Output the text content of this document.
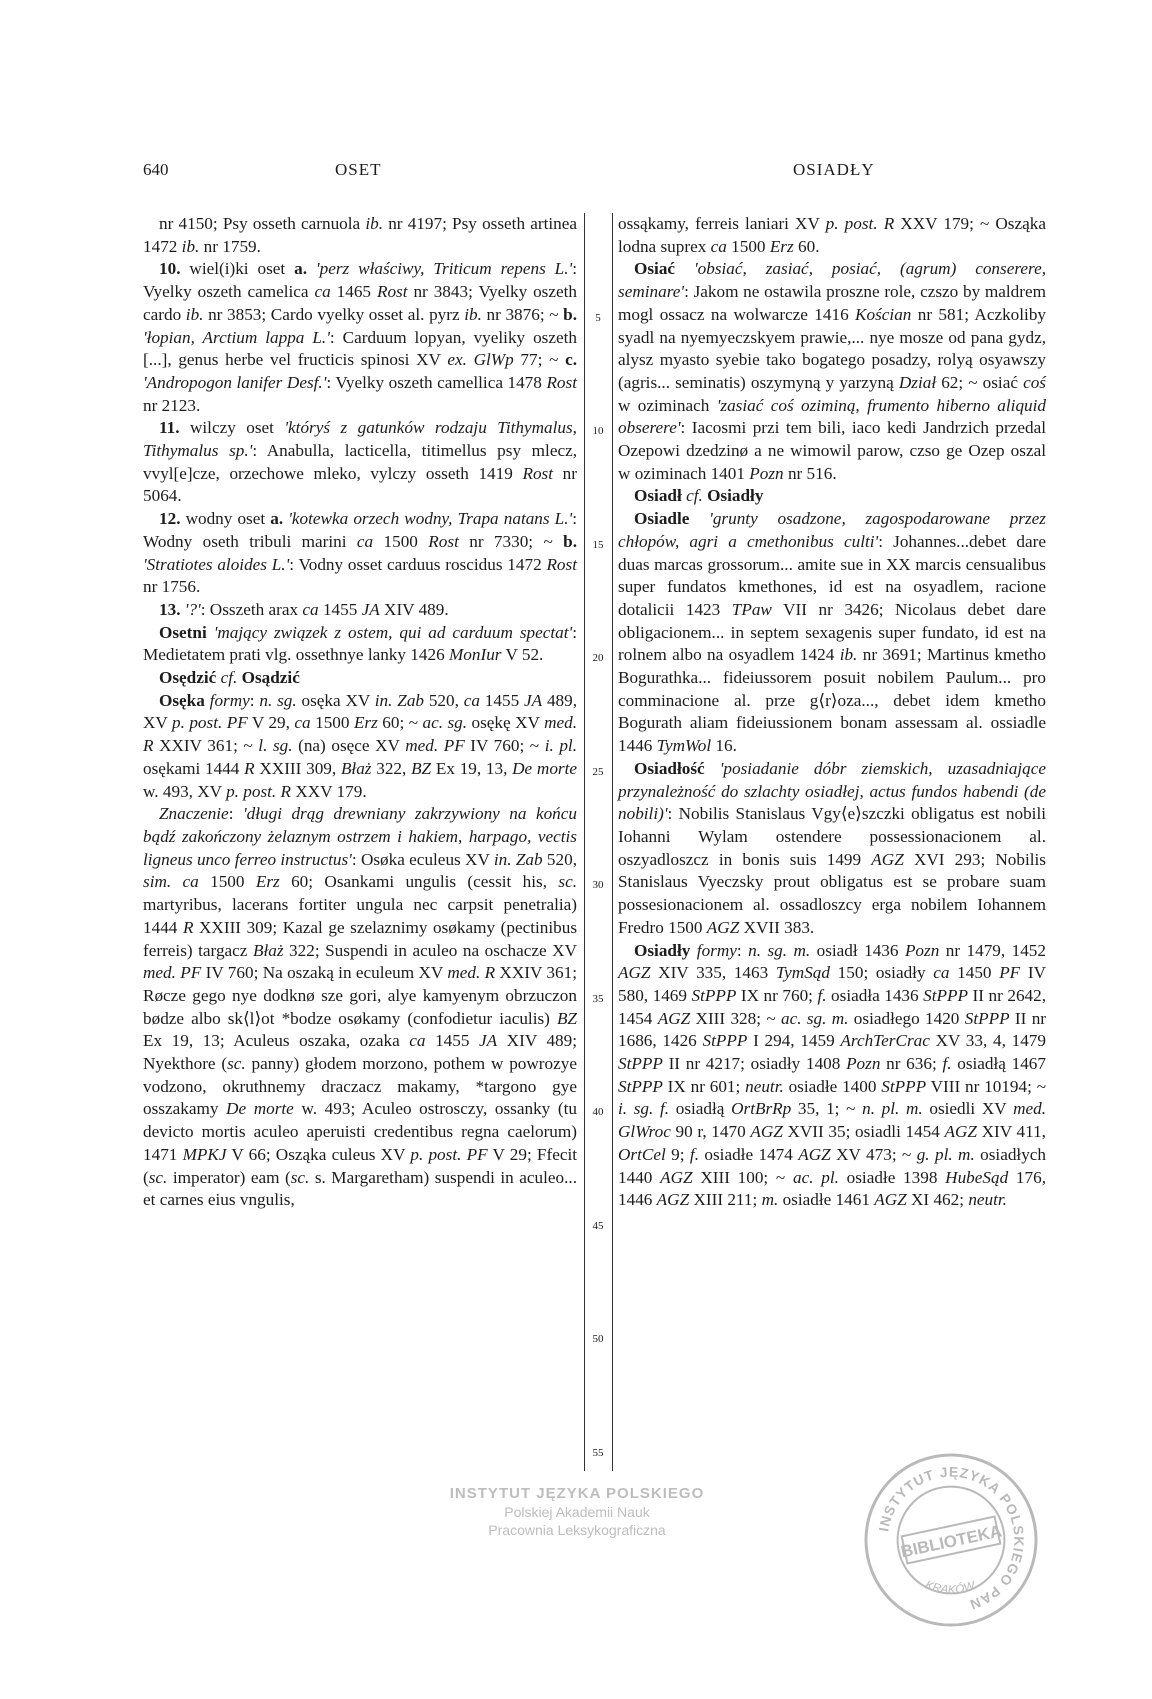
640	OSET	OSIADŁY

nr 4150; Psy osseth carnuola ib. nr 4197; Psy osseth artinea 1472 ib. nr 1759.

10. wiel(i)ki oset a. 'perz właściwy, Triticum repens L.': Vyelky oszeth camelica ca 1465 Rost nr 3843; Vyelky oszeth cardo ib. nr 3853; Cardo vyelky osset al. pyrz ib. nr 3876; ~ b. 'łopian, Arctium lappa L.': Carduum lopyan, vyeliky oszeth [...], genus herbe vel fructicis spinosi XV ex. GlWp 77; ~ c. 'Andropogon lanifer Desf.': Vyelky oszeth camellica 1478 Rost nr 2123.

11. wilczy oset 'któryś z gatunków rodzaju Tithymalus, Tithymalus sp.': Anabulla, lacticella, titimellus psy mlecz, vvyl[e]cze, orzechowe mleko, vylczy osseth 1419 Rost nr 5064.

12. wodny oset a. 'kotewka orzech wodny, Trapa natans L.': Wodny oseth tribuli marini ca 1500 Rost nr 7330; ~ b. 'Stratiotes aloides L.': Vodny osset carduus roscidus 1472 Rost nr 1756.

13. '?': Osszeth arax ca 1455 JA XIV 489.

Osetni 'mający związek z ostem, qui ad carduum spectat': Medietatem prati vlg. ossethnye lanky 1426 MonIur V 52.

Osędzić cf. Osądzić

Osęka formy: n. sg. osęka XV in. Zab 520, ca 1455 JA 489, XV p. post. PF V 29, ca 1500 Erz 60; ~ ac. sg. osękę XV med. R XXIV 361; ~ l. sg. (na) osęce XV med. PF IV 760; ~ i. pl. osękami 1444 R XXIII 309, Błaż 322, BZ Ex 19, 13, De morte w. 493, XV p. post. R XXV 179.

Znaczenie: 'długi drąg drewniany zakrzywiony na końcu bądź zakończony żelaznym ostrzem i hakiem, harpago, vectis ligneus unco ferreo instructus': Osøka eculeus XV in. Zab 520, sim. ca 1500 Erz 60; Osankami ungulis (cessit his, sc. martyribus, lacerans fortiter ungula nec carpsit penetralia) 1444 R XXIII 309; Kazal ge szelaznimy osøkamy (pectinibus ferreis) targacz Błaż 322; Suspendi in aculeo na oschacze XV med. PF IV 760; Na oszaką in eculeum XV med. R XXIV 361; Røcze gego nye dodknø sze gori, alye kamyenym obrzuczon bødze albo sk⟨l⟩ot *bodze osøkamy (confodietur iaculis) BZ Ex 19, 13; Aculeus oszaka, ozaka ca 1455 JA XIV 489; Nyekthore (sc. panny) głodem morzono, pothem w powrozye vodzono, okruthnemy draczacz makamy, *targono gye osszakamy De morte w. 493; Aculeo ostrosczy, ossanky (tu devicto mortis aculeo aperuisti credentibus regna caelorum) 1471 MPKJ V 66; Osząka culeus XV p. post. PF V 29; Ffecit (sc. imperator) eam (sc. s. Margaretham) suspendi in aculeo... et carnes eius vngulis,

5
10
15
20
25
30
35
40
45
50
55

ossąkamy, ferreis laniari XV p. post. R XXV 179; ~ Osząka lodna suprex ca 1500 Erz 60.

Osiać 'obsiać, zasiać, posiać, (agrum) conserere, seminare': Jakom ne ostawila proszne role, czszo by maldrem mogl ossacz na wolwarcze 1416 Kościan nr 581; Aczkoliby syadl na nyemyeczskyem prawie,... nye mosze od pana gydz, alysz myasto syebie tako bogatego posadzy, rolyą osyawszy (agris... seminatis) oszymyną y yarzyną Dział 62; ~ osiać coś w oziminach 'zasiać coś oziminą, frumento hiberno aliquid obserere': Iacosmi przi tem bili, iaco kedi Jandrzich przedal Ozepowi dzedzinø a ne wimowil parow, czso ge Ozep oszal w oziminach 1401 Pozn nr 516.

Osiadł cf. Osiadły

Osiadle 'grunty osadzone, zagospodarowane przez chłopów, agri a cmethonibus culti': Johannes...debet dare duas marcas grossorum... amite sue in XX marcis censualibus super fundatos kmethones, id est na osyadlem, racione dotalicii 1423 TPaw VII nr 3426; Nicolaus debet dare obligacionem... in septem sexagenis super fundato, id est na rolnem albo na osyadlem 1424 ib. nr 3691; Martinus kmetho Bogurathka... fideiussorem posuit nobilem Paulum... pro comminacione al. prze g⟨r⟩oza..., debet idem kmetho Bogurath aliam fideiussionem bonam assessam al. ossiadle 1446 TymWol 16.

Osiadłość 'posiadanie dóbr ziemskich, uzasadniające przynależność do szlachty osiadłej, actus fundos habendi (de nobili)': Nobilis Stanislaus Vgy⟨e⟩szczki obligatus est nobili Iohanni Wylam ostendere possessionacionem al. oszyadloszcz in bonis suis 1499 AGZ XVI 293; Nobilis Stanislaus Vyeczsky prout obligatus est se probare suam possesionacionem al. ossadloszcy erga nobilem Iohannem Fredro 1500 AGZ XVII 383.

Osiadły formy: n. sg. m. osiadł 1436 Pozn nr 1479, 1452 AGZ XIV 335, 1463 TymSąd 150; osiadły ca 1450 PF IV 580, 1469 StPPP IX nr 760; f. osiadła 1436 StPPP II nr 2642, 1454 AGZ XIII 328; ~ ac. sg. m. osiadłego 1420 StPPP II nr 1686, 1426 StPPP I 294, 1459 ArchTerCrac XV 33, 4, 1479 StPPP II nr 4217; osiadły 1408 Pozn nr 636; f. osiadłą 1467 StPPP IX nr 601; neutr. osiadłe 1400 StPPP VIII nr 10194; ~ i. sg. f. osiadłą OrtBrRp 35, 1; ~ n. pl. m. osiedli XV med. GlWroc 90 r, 1470 AGZ XVII 35; osiadli 1454 AGZ XIV 411, OrtCel 9; f. osiadłe 1474 AGZ XV 473; ~ g. pl. m. osiadłych 1440 AGZ XIII 100; ~ ac. pl. osiadłe 1398 HubeSąd 176, 1446 AGZ XIII 211; m. osiadłe 1461 AGZ XI 462; neutr.

INSTYTUT JĘZYKA POLSKIEGO
Polskiej Akademii Nauk
Pracownia Leksykograficzna	INSTYTUT JĘZYKA POLSKIEGO PAN
BIBLIOTEKA
KRAKÓW
